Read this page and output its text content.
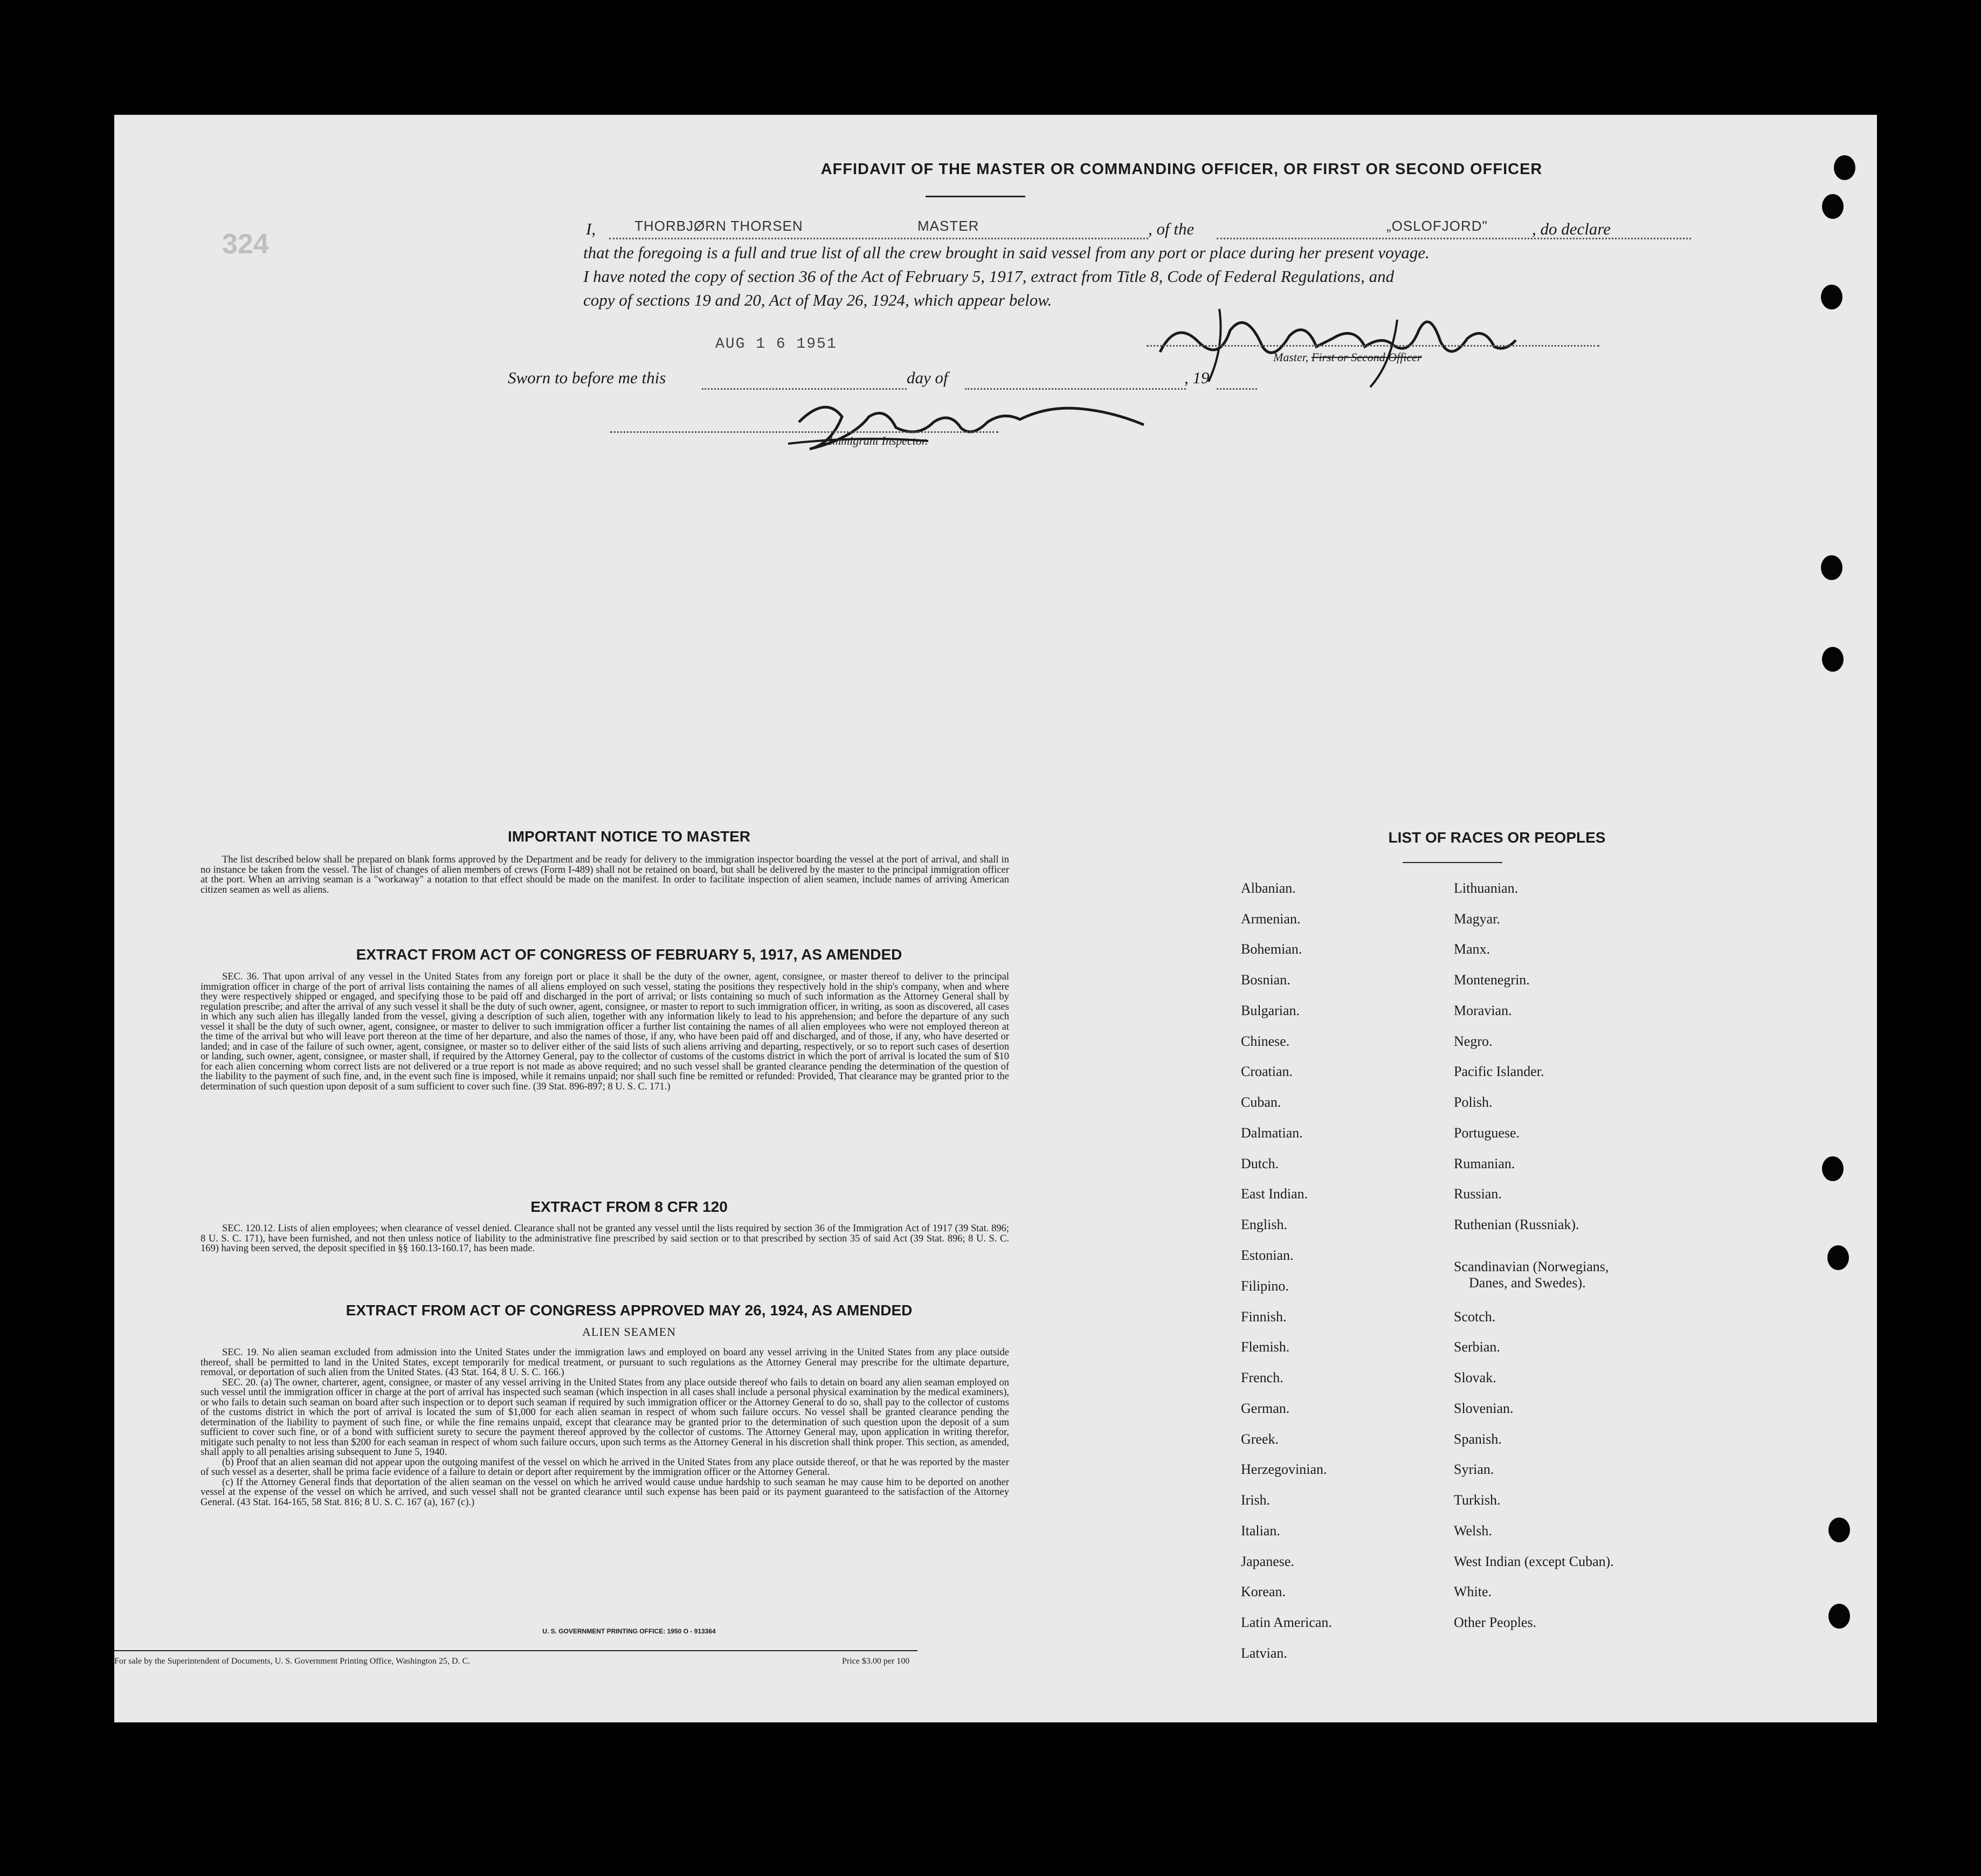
324
AFFIDAVIT OF THE MASTER OR COMMANDING OFFICER, OR FIRST OR SECOND OFFICER
I,	THORBJØRN THORSEN	MASTER	, of the	„OSLOFJORD"	, do declare
that the foregoing is a full and true list of all the crew brought in said vessel from any port or place during her present voyage.
I have noted the copy of section 36 of the Act of February 5, 1917, extract from Title 8, Code of Federal Regulations, and
copy of sections 19 and 20, Act of May 26, 1924, which appear below.
AUG 1 6 1951
Master, First or Second Officer
Sworn to before me this	day of	, 19
Immigrant Inspector.
IMPORTANT NOTICE TO MASTER
The list described below shall be prepared on blank forms approved by the Department and be ready for delivery to the immigration inspector boarding the vessel at the port of arrival, and shall in no instance be taken from the vessel. The list of changes of alien members of crews (Form I-489) shall not be retained on board, but shall be delivered by the master to the principal immigration officer at the port. When an arriving seaman is a "workaway" a notation to that effect should be made on the manifest. In order to facilitate inspection of alien seamen, include names of arriving American citizen seamen as well as aliens.
EXTRACT FROM ACT OF CONGRESS OF FEBRUARY 5, 1917, AS AMENDED
SEC. 36. That upon arrival of any vessel in the United States from any foreign port or place it shall be the duty of the owner, agent, consignee, or master thereof to deliver to the principal immigration officer in charge of the port of arrival lists containing the names of all aliens employed on such vessel, stating the positions they respectively hold in the ship's company, when and where they were respectively shipped or engaged, and specifying those to be paid off and discharged in the port of arrival; or lists containing so much of such information as the Attorney General shall by regulation prescribe; and after the arrival of any such vessel it shall be the duty of such owner, agent, consignee, or master to report to such immigration officer, in writing, as soon as discovered, all cases in which any such alien has illegally landed from the vessel, giving a description of such alien, together with any information likely to lead to his apprehension; and before the departure of any such vessel it shall be the duty of such owner, agent, consignee, or master to deliver to such immigration officer a further list containing the names of all alien employees who were not employed thereon at the time of the arrival but who will leave port thereon at the time of her departure, and also the names of those, if any, who have been paid off and discharged, and of those, if any, who have deserted or landed; and in case of the failure of such owner, agent, consignee, or master so to deliver either of the said lists of such aliens arriving and departing, respectively, or so to report such cases of desertion or landing, such owner, agent, consignee, or master shall, if required by the Attorney General, pay to the collector of customs of the customs district in which the port of arrival is located the sum of $10 for each alien concerning whom correct lists are not delivered or a true report is not made as above required; and no such vessel shall be granted clearance pending the determination of the question of the liability to the payment of such fine, and, in the event such fine is imposed, while it remains unpaid; nor shall such fine be remitted or refunded: Provided, That clearance may be granted prior to the determination of such question upon deposit of a sum sufficient to cover such fine. (39 Stat. 896-897; 8 U. S. C. 171.)
EXTRACT FROM 8 CFR 120
SEC. 120.12. Lists of alien employees; when clearance of vessel denied. Clearance shall not be granted any vessel until the lists required by section 36 of the Immigration Act of 1917 (39 Stat. 896; 8 U. S. C. 171), have been furnished, and not then unless notice of liability to the administrative fine prescribed by said section or to that prescribed by section 35 of said Act (39 Stat. 896; 8 U. S. C. 169) having been served, the deposit specified in §§ 160.13-160.17, has been made.
EXTRACT FROM ACT OF CONGRESS APPROVED MAY 26, 1924, AS AMENDED
ALIEN SEAMEN
SEC. 19. No alien seaman excluded from admission into the United States under the immigration laws and employed on board any vessel arriving in the United States from any place outside thereof, shall be permitted to land in the United States, except temporarily for medical treatment, or pursuant to such regulations as the Attorney General may prescribe for the ultimate departure, removal, or deportation of such alien from the United States. (43 Stat. 164, 8 U. S. C. 166.)
SEC. 20. (a) The owner, charterer, agent, consignee, or master of any vessel arriving in the United States from any place outside thereof who fails to detain on board any alien seaman employed on such vessel until the immigration officer in charge at the port of arrival has inspected such seaman (which inspection in all cases shall include a personal physical examination by the medical examiners), or who fails to detain such seaman on board after such inspection or to deport such seaman if required by such immigration officer or the Attorney General to do so, shall pay to the collector of customs of the customs district in which the port of arrival is located the sum of $1,000 for each alien seaman in respect of whom such failure occurs. No vessel shall be granted clearance pending the determination of the liability to payment of such fine, or while the fine remains unpaid, except that clearance may be granted prior to the determination of such question upon the deposit of a sum sufficient to cover such fine, or of a bond with sufficient surety to secure the payment thereof approved by the collector of customs. The Attorney General may, upon application in writing therefor, mitigate such penalty to not less than $200 for each seaman in respect of whom such failure occurs, upon such terms as the Attorney General in his discretion shall think proper. This section, as amended, shall apply to all penalties arising subsequent to June 5, 1940.
(b) Proof that an alien seaman did not appear upon the outgoing manifest of the vessel on which he arrived in the United States from any place outside thereof, or that he was reported by the master of such vessel as a deserter, shall be prima facie evidence of a failure to detain or deport after requirement by the immigration officer or the Attorney General.
(c) If the Attorney General finds that deportation of the alien seaman on the vessel on which he arrived would cause undue hardship to such seaman he may cause him to be deported on another vessel at the expense of the vessel on which he arrived, and such vessel shall not be granted clearance until such expense has been paid or its payment guaranteed to the satisfaction of the Attorney General. (43 Stat. 164-165, 58 Stat. 816; 8 U. S. C. 167 (a), 167 (c).)
U. S. GOVERNMENT PRINTING OFFICE: 1950 O - 913364
For sale by the Superintendent of Documents, U. S. Government Printing Office, Washington 25, D. C.	Price $3.00 per 100
LIST OF RACES OR PEOPLES
Albanian.
Armenian.
Bohemian.
Bosnian.
Bulgarian.
Chinese.
Croatian.
Cuban.
Dalmatian.
Dutch.
East Indian.
English.
Estonian.
Filipino.
Finnish.
Flemish.
French.
German.
Greek.
Herzegovinian.
Irish.
Italian.
Japanese.
Korean.
Latin American.
Latvian.
Lithuanian.
Magyar.
Manx.
Montenegrin.
Moravian.
Negro.
Pacific Islander.
Polish.
Portuguese.
Rumanian.
Russian.
Ruthenian (Russniak).
Scandinavian (Norwegians,
Danes, and Swedes).
Scotch.
Serbian.
Slovak.
Slovenian.
Spanish.
Syrian.
Turkish.
Welsh.
West Indian (except Cuban).
White.
Other Peoples.
